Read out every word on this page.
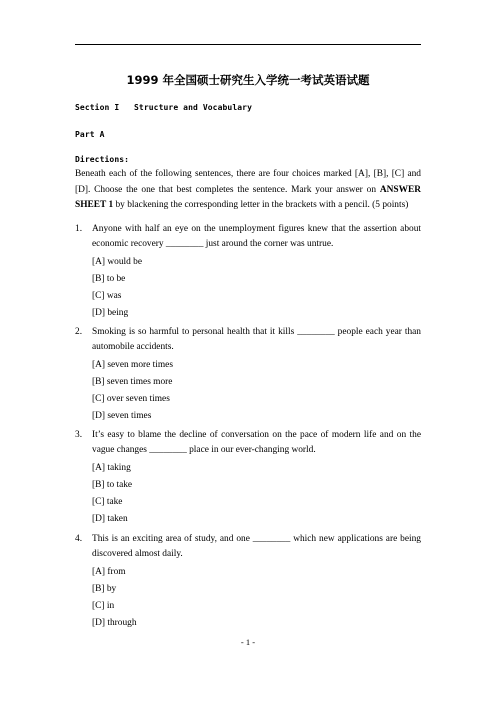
1999 年全国硕士研究生入学统一考试英语试题
Section I   Structure and Vocabulary
Part A
Directions:
Beneath each of the following sentences, there are four choices marked [A], [B], [C] and [D]. Choose the one that best completes the sentence. Mark your answer on ANSWER SHEET 1 by blackening the corresponding letter in the brackets with a pencil. (5 points)
1. Anyone with half an eye on the unemployment figures knew that the assertion about economic recovery ________ just around the corner was untrue.
[A] would be
[B] to be
[C] was
[D] being
2. Smoking is so harmful to personal health that it kills ________ people each year than automobile accidents.
[A] seven more times
[B] seven times more
[C] over seven times
[D] seven times
3. It’s easy to blame the decline of conversation on the pace of modern life and on the vague changes ________ place in our ever-changing world.
[A] taking
[B] to take
[C] take
[D] taken
4. This is an exciting area of study, and one ________ which new applications are being discovered almost daily.
[A] from
[B] by
[C] in
[D] through
- 1 -
